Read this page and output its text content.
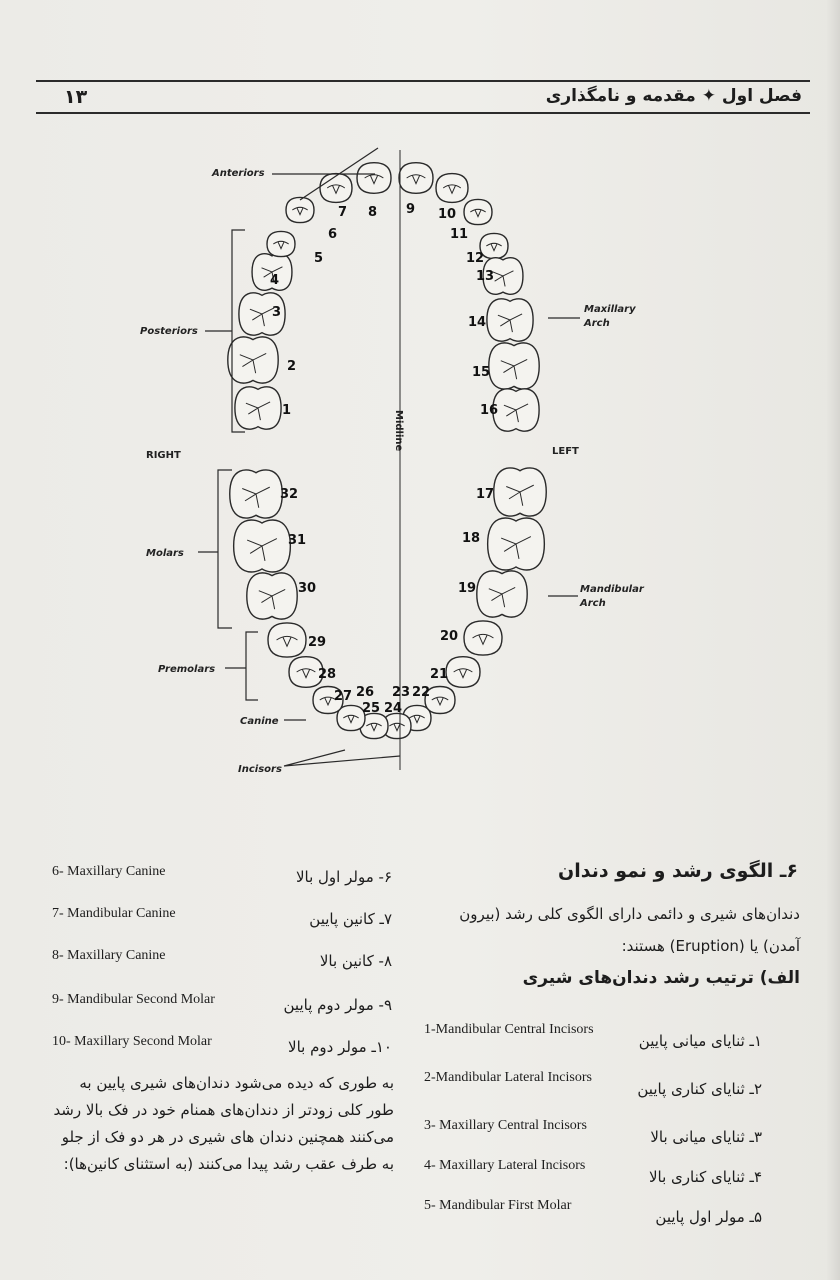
۱۳	فصل اول ✦ مقدمه و نامگذاری
Anteriors
Posteriors
RIGHT	LEFT
Molars
Premolars
Canine
Incisors
Maxillary Arch
Mandibular Arch
Midline
1
2
3
4
5
6
7 8 9 10
11
12
13
14
15
16
17
18
19
20
21
22
23
24
25
26
27
28
29
30
31
32
6- Maxillary Canine	۶- مولر اول بالا
7- Mandibular Canine	۷ـ کانین پایین
8- Maxillary Canine	۸- کانین بالا
9- Mandibular Second Molar	۹- مولر دوم پایین
10- Maxillary Second Molar	۱۰ـ مولر دوم بالا
به طوری که دیده می‌شود دندان‌های شیری پایین به
طور کلی زودتر از دندان‌های همنام خود در فک بالا رشد
می‌کنند همچنین دندان های شیری در هر دو فک از جلو
به طرف عقب رشد پیدا می‌کنند (به استثنای کانین‌ها):
۶ـ الگوی رشد و نمو دندان
دندان‌های شیری و دائمی دارای الگوی کلی رشد (بیرون
آمدن) یا (Eruption) هستند:
الف) ترتیب رشد دندان‌های شیری
1-Mandibular Central Incisors
۱ـ ثنایای میانی پایین
2-Mandibular Lateral Incisors
۲ـ ثنایای کناری پایین
3- Maxillary Central Incisors
۳ـ ثنایای میانی بالا
4- Maxillary Lateral Incisors
۴ـ ثنایای کناری بالا
5- Mandibular First Molar
۵ـ مولر اول پایین
